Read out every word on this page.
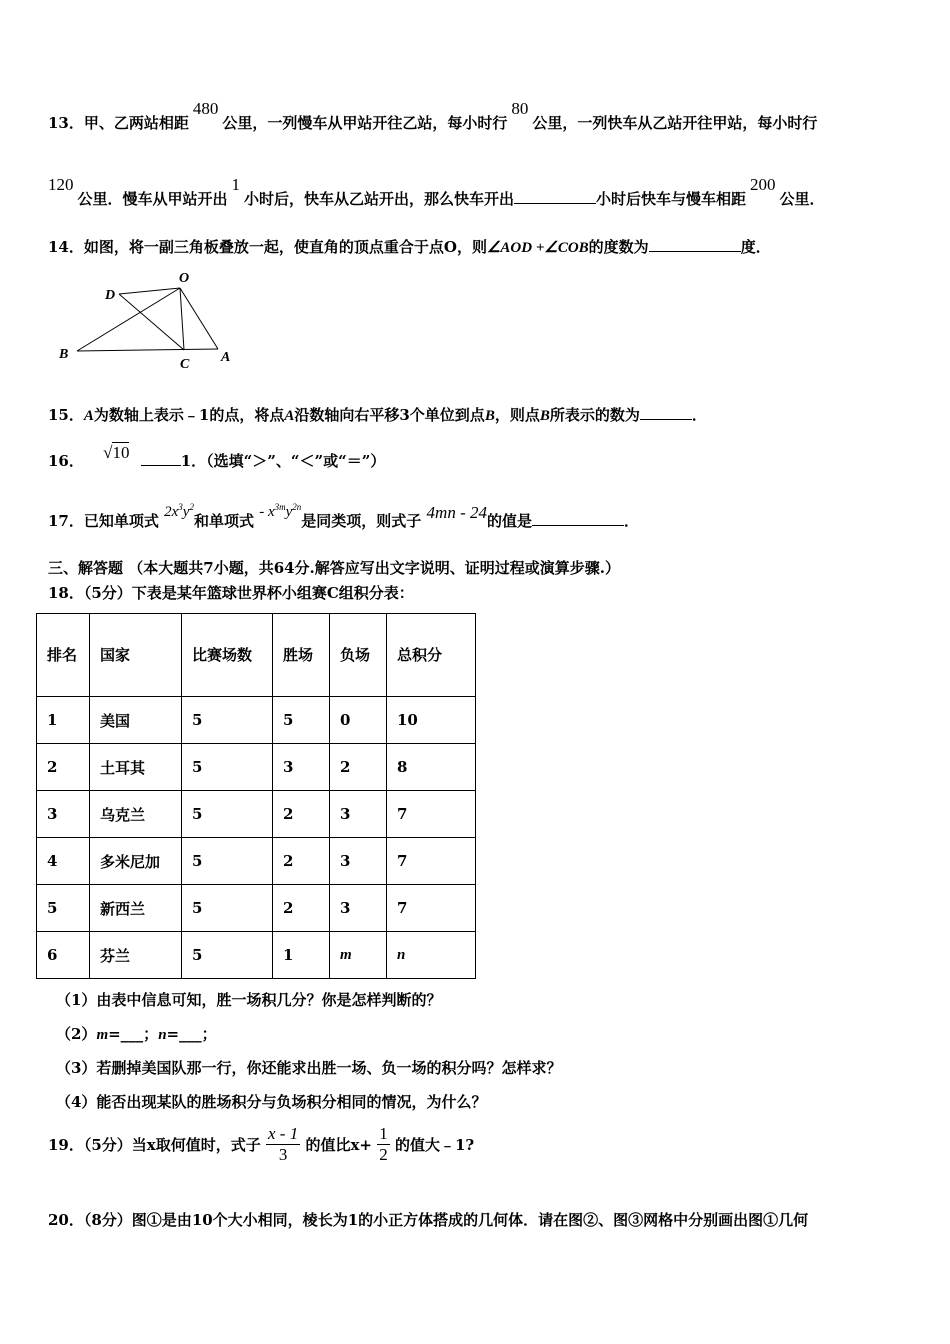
13．甲、乙两站相距480公里，一列慢车从甲站开往乙站，每小时行80公里，一列快车从乙站开往甲站，每小时行
120公里．慢车从甲站开出1小时后，快车从乙站开出，那么快车开出	小时后快车与慢车相距200公里．
14．如图，将一副三角板叠放一起，使直角的顶点重合于点O，则∠AOD +∠COB的度数为	度．
O
D
B
C A
15．A为数轴上表示﹣1的点，将点A沿数轴向右平移3个单位到点B，则点B所表示的数为	．
16． √10	1．（选填“＞”、“＜”或“＝”）
17．已知单项式 $2x^3y^2$和单项式 - $x^{3m}y^{2n}$是同类项，则式子 4mn - 24的值是	．
三、解答题 （本大题共7小题，共64分.解答应写出文字说明、证明过程或演算步骤.）
18．（5分）下表是某年篮球世界杯小组赛C组积分表：
排名	国家	比赛场数	胜场	负场	总积分
1	美国	5	5	0	10
2	土耳其	5	3	2	8
3	乌克兰	5	2	3	7
4	多米尼加	5	2	3	7
5	新西兰	5	2	3	7
6	芬兰	5	1	m	n
（1）由表中信息可知，胜一场积几分？你是怎样判断的？
（2）m=___；n=___；
（3）若删掉美国队那一行，你还能求出胜一场、负一场的积分吗？怎样求？
（4）能否出现某队的胜场积分与负场积分相同的情况，为什么？
19．（5分）当x取何值时，式子 $\frac{x - 1}{3}$ 的值比$x+ \frac{1}{2}$ 的值大﹣1?
20．（8分）图①是由10个大小相同，棱长为1的小正方体搭成的几何体．请在图②、图③网格中分别画出图①几何
